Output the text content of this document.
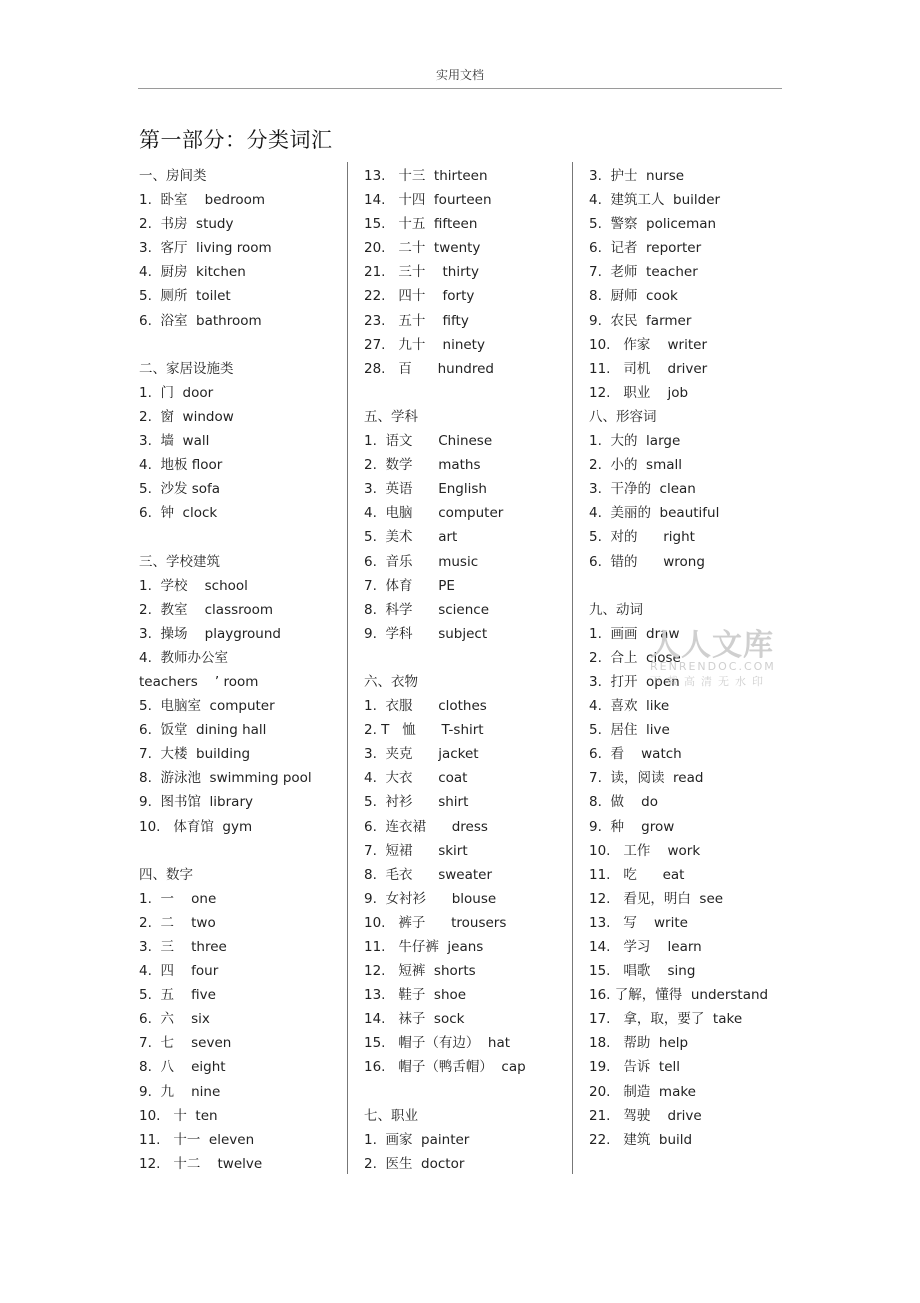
实用文档
第一部分：分类词汇
一、房间类
1.  卧室    bedroom
2.  书房  study
3.  客厅  living room
4.  厨房  kitchen
5.  厕所  toilet
6.  浴室  bathroom
二、家居设施类
1.  门  door
2.  窗  window
3.  墙  wall
4.  地板 floor
5.  沙发 sofa
6.  钟  clock
三、学校建筑
1.  学校    school
2.  教室    classroom
3.  操场    playground
4.  教师办公室
teachers    ’ room
5.  电脑室  computer
6.  饭堂  dining hall
7.  大楼  building
8.  游泳池  swimming pool
9.  图书馆  library
10.   体育馆  gym
四、数字
1.  一    one
2.  二    two
3.  三    three
4.  四    four
5.  五    five
6.  六    six
7.  七    seven
8.  八    eight
9.  九    nine
10.   十  ten
11.   十一  eleven
12.   十二    twelve
13.   十三  thirteen
14.   十四  fourteen
15.   十五  fifteen
20.   二十  twenty
21.   三十    thirty
22.   四十    forty
23.   五十    fifty
27.   九十    ninety
28.   百      hundred
五、学科
1.  语文      Chinese
2.  数学      maths
3.  英语      English
4.  电脑      computer
5.  美术      art
6.  音乐      music
7.  体育      PE
8.  科学      science
9.  学科      subject
六、衣物
1.  衣服      clothes
2. T   恤      T-shirt
3.  夹克      jacket
4.  大衣      coat
5.  衬衫      shirt
6.  连衣裙      dress
7.  短裙      skirt
8.  毛衣      sweater
9.  女衬衫      blouse
10.   裤子      trousers
11.   牛仔裤  jeans
12.   短裤  shorts
13.   鞋子  shoe
14.   袜子  sock
15.   帽子（有边）  hat
16.   帽子（鸭舌帽）  cap
七、职业
1.  画家  painter
2.  医生  doctor
3.  护士  nurse
4.  建筑工人  builder
5.  警察  policeman
6.  记者  reporter
7.  老师  teacher
8.  厨师  cook
9.  农民  farmer
10.   作家    writer
11.   司机    driver
12.   职业    job
八、形容词
1.  大的  large
2.  小的  small
3.  干净的  clean
4.  美丽的  beautiful
5.  对的      right
6.  错的      wrong
九、动词
1.  画画  draw
2.  合上  close
3.  打开  open
4.  喜欢  like
5.  居住  live
6.  看    watch
7.  读，阅读  read
8.  做    do
9.  种    grow
10.   工作    work
11.   吃      eat
12.   看见，明白  see
13.   写    write
14.   学习    learn
15.   唱歌    sing
16. 了解，懂得  understand
17.   拿，取，要了  take
18.   帮助  help
19.   告诉  tell
20.   制造  make
21.   驾驶    drive
22.   建筑  build
人人文库
RENRENDOC.COM
下载高清无水印
